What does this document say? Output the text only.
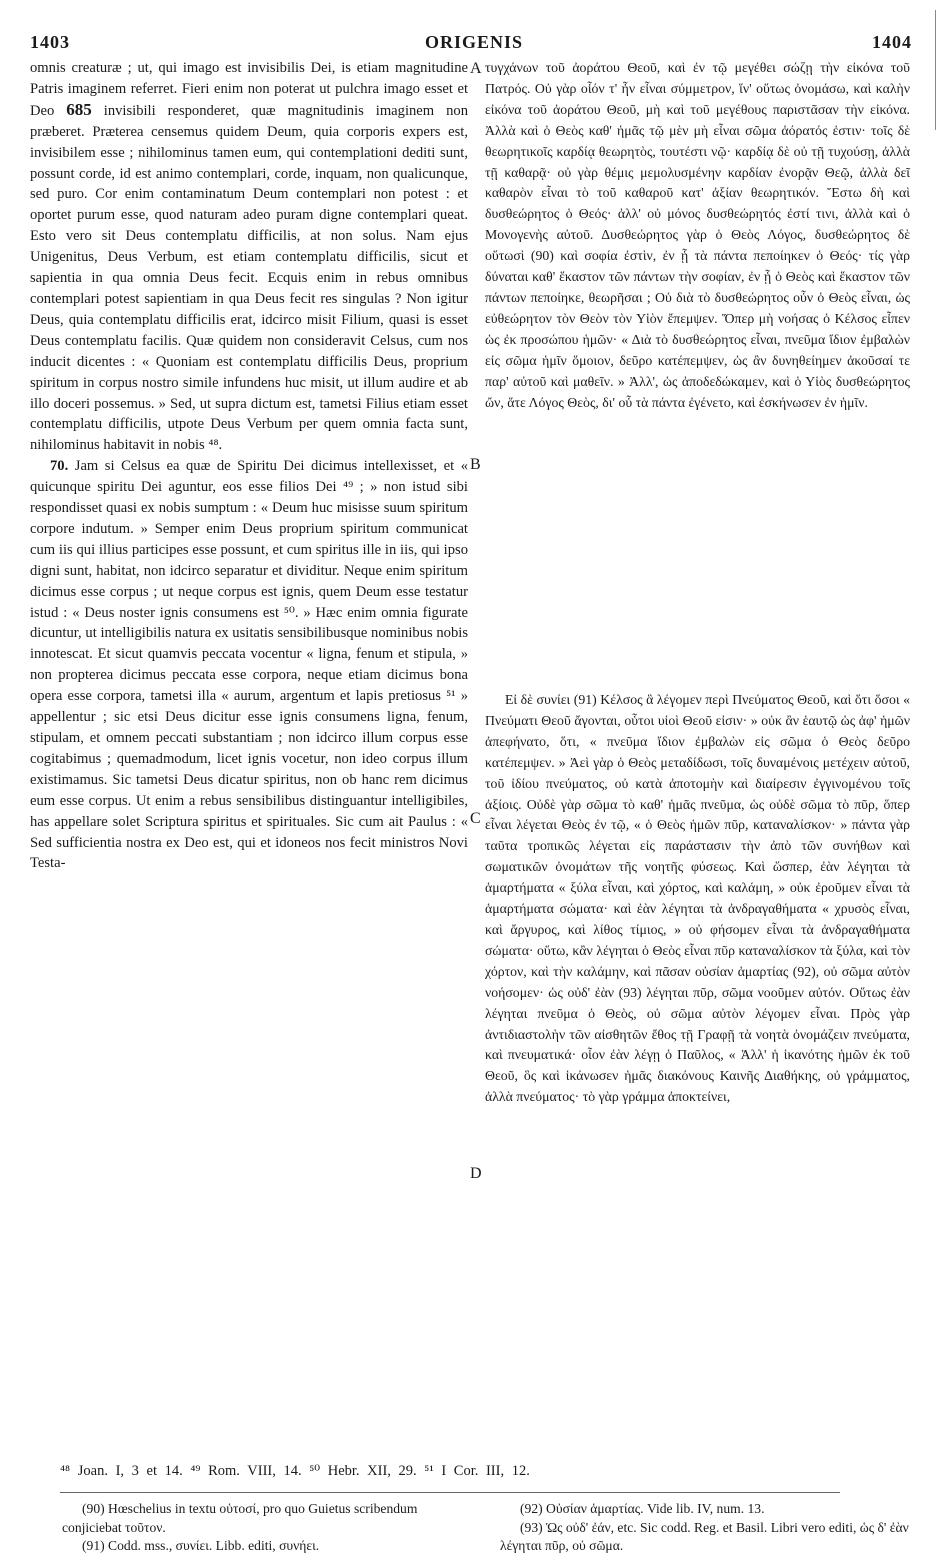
1403	ORIGENIS	1404

omnis creaturæ ; ut, qui imago est invisibilis Dei, is etiam magnitudine Patris imaginem referret. Fieri enim non poterat ut pulchra imago esset et Deo 685 invisibili responderet, quæ magnitudinis imaginem non præberet. Præterea censemus quidem Deum, quia corporis expers est, invisibilem esse ; nihilominus tamen eum, qui contemplationi dediti sunt, possunt corde, id est animo contemplari, corde, inquam, non qualicunque, sed puro. Cor enim contaminatum Deum contemplari non potest : et oportet purum esse, quod naturam adeo puram digne contemplari queat. Esto vero sit Deus contemplatu difficilis, at non solus. Nam ejus Unigenitus, Deus Verbum, est etiam contemplatu difficilis, sicut et sapientia in qua omnia Deus fecit. Ecquis enim in rebus omnibus contemplari potest sapientiam in qua Deus fecit res singulas ? Non igitur Deus, quia contemplatu difficilis erat, idcirco misit Filium, quasi is esset Deus contemplatu facilis. Quæ quidem non consideravit Celsus, cum nos inducit dicentes : « Quoniam est contemplatu difficilis Deus, proprium spiritum in corpus nostro simile infundens huc misit, ut illum audire et ab illo doceri possemus. » Sed, ut supra dictum est, tametsi Filius etiam esset contemplatu difficilis, utpote Deus Verbum per quem omnia facta sunt, nihilominus habitavit in nobis ⁴⁸.

70. Jam si Celsus ea quæ de Spiritu Dei dicimus intellexisset, et « quicunque spiritu Dei aguntur, eos esse filios Dei ⁴⁹ ; » non istud sibi respondisset quasi ex nobis sumptum : « Deum huc misisse suum spiritum corpore indutum. » Semper enim Deus proprium spiritum communicat cum iis qui illius participes esse possunt, et cum spiritus ille in iis, qui ipso digni sunt, habitat, non idcirco separatur et dividitur. Neque enim spiritum dicimus esse corpus ; ut neque corpus est ignis, quem Deum esse testatur istud : « Deus noster ignis consumens est ⁵⁰. » Hæc enim omnia figurate dicuntur, ut intelligibilis natura ex usitatis sensibilibusque nominibus nobis innotescat. Et sicut quamvis peccata vocentur « ligna, fenum et stipula, » non propterea dicimus peccata esse corpora, neque etiam dicimus bona opera esse corpora, tametsi illa « aurum, argentum et lapis pretiosus ⁵¹ » appellentur ; sic etsi Deus dicitur esse ignis consumens ligna, fenum, stipulam, et omnem peccati substantiam ; non idcirco illum corpus esse cogitabimus ; quemadmodum, licet ignis vocetur, non ideo corpus illum existimamus. Sic tametsi Deus dicatur spiritus, non ob hanc rem dicimus eum esse corpus. Ut enim a rebus sensibilibus distinguantur intelligibiles, has appellare solet Scriptura spiritus et spirituales. Sic cum ait Paulus : « Sed sufficientia nostra ex Deo est, qui et idoneos nos fecit ministros Novi Testa-

A
B
C
D

τυγχάνων τοῦ ἀοράτου Θεοῦ, καὶ ἐν τῷ μεγέθει σώζῃ τὴν εἰκόνα τοῦ Πατρός. Οὐ γὰρ οἷόν τ' ἦν εἶναι σύμμετρον, ἵν' οὕτως ὀνομάσω, καὶ καλὴν εἰκόνα τοῦ ἀοράτου Θεοῦ, μὴ καὶ τοῦ μεγέθους παριστᾶσαν τὴν εἰκόνα. Ἀλλὰ καὶ ὁ Θεὸς καθ' ἡμᾶς τῷ μὲν μὴ εἶναι σῶμα ἀόρατός ἐστιν· τοῖς δὲ θεωρητικοῖς καρδίᾳ θεωρητὸς, τουτέστι νῷ· καρδίᾳ δὲ οὐ τῇ τυχούσῃ, ἀλλὰ τῇ καθαρᾷ· οὐ γὰρ θέμις μεμολυσμένην καρδίαν ἐνορᾷν Θεῷ, ἀλλὰ δεῖ καθαρὸν εἶναι τὸ τοῦ καθαροῦ κατ' ἀξίαν θεωρητικόν. Ἔστω δὴ καὶ δυσθεώρητος ὁ Θεός· ἀλλ' οὐ μόνος δυσθεώρητός ἐστί τινι, ἀλλὰ καὶ ὁ Μονογενὴς αὐτοῦ. Δυσθεώρητος γὰρ ὁ Θεὸς Λόγος, δυσθεώρητος δὲ οὕτωσὶ (90) καὶ σοφία ἐστὶν, ἐν ᾗ τὰ πάντα πεποίηκεν ὁ Θεός· τίς γὰρ δύναται καθ' ἕκαστον τῶν πάντων τὴν σοφίαν, ἐν ᾗ ὁ Θεὸς καὶ ἕκαστον τῶν πάντων πεποίηκε, θεωρῆσαι ; Οὐ διὰ τὸ δυσθεώρητος οὖν ὁ Θεὸς εἶναι, ὡς εὐθεώρητον τὸν Θεὸν τὸν Υἱὸν ἔπεμψεν. Ὅπερ μὴ νοήσας ὁ Κέλσος εἶπεν ὡς ἐκ προσώπου ἡμῶν· « Διὰ τὸ δυσθεώρητος εἶναι, πνεῦμα ἴδιον ἐμβαλὼν εἰς σῶμα ἡμῖν ὅμοιον, δεῦρο κατέπεμψεν, ὡς ἂν δυνηθείημεν ἀκοῦσαί τε παρ' αὐτοῦ καὶ μαθεῖν. » Ἀλλ', ὡς ἀποδεδώκαμεν, καὶ ὁ Υἱὸς δυσθεώρητος ὤν, ἅτε Λόγος Θεὸς, δι' οὗ τὰ πάντα ἐγένετο, καὶ ἐσκήνωσεν ἐν ἡμῖν.

Εἰ δὲ συνίει (91) Κέλσος ἃ λέγομεν περὶ Πνεύματος Θεοῦ, καὶ ὅτι ὅσοι « Πνεύματι Θεοῦ ἄγονται, οὗτοι υἱοὶ Θεοῦ εἰσιν· » οὐκ ἂν ἑαυτῷ ὡς ἀφ' ἡμῶν ἀπεφήνατο, ὅτι, « πνεῦμα ἴδιον ἐμβαλὼν εἰς σῶμα ὁ Θεὸς δεῦρο κατέπεμψεν. » Ἀεὶ γὰρ ὁ Θεὸς μεταδίδωσι, τοῖς δυναμένοις μετέχειν αὐτοῦ, τοῦ ἰδίου πνεύματος, οὐ κατὰ ἀποτομὴν καὶ διαίρεσιν ἐγγινομένου τοῖς ἀξίοις. Οὐδὲ γὰρ σῶμα τὸ καθ' ἡμᾶς πνεῦμα, ὡς οὐδὲ σῶμα τὸ πῦρ, ὅπερ εἶναι λέγεται Θεὸς ἐν τῷ, « ὁ Θεὸς ἡμῶν πῦρ, καταναλίσκον· » πάντα γὰρ ταῦτα τροπικῶς λέγεται εἰς παράστασιν τὴν ἀπὸ τῶν συνήθων καὶ σωματικῶν ὀνομάτων τῆς νοητῆς φύσεως. Καὶ ὥσπερ, ἐὰν λέγηται τὰ ἁμαρτήματα « ξύλα εἶναι, καὶ χόρτος, καὶ καλάμη, » οὐκ ἐροῦμεν εἶναι τὰ ἁμαρτήματα σώματα· καὶ ἐὰν λέγηται τὰ ἀνδραγαθήματα « χρυσὸς εἶναι, καὶ ἄργυρος, καὶ λίθος τίμιος, » οὐ φήσομεν εἶναι τὰ ἀνδραγαθήματα σώματα· οὕτω, κἂν λέγηται ὁ Θεὸς εἶναι πῦρ καταναλίσκον τὰ ξύλα, καὶ τὸν χόρτον, καὶ τὴν καλάμην, καὶ πᾶσαν οὐσίαν ἁμαρτίας (92), οὐ σῶμα αὐτὸν νοήσομεν· ὡς οὐδ' ἐὰν (93) λέγηται πῦρ, σῶμα νοοῦμεν αὐτόν. Οὕτως ἐὰν λέγηται πνεῦμα ὁ Θεὸς, οὐ σῶμα αὐτὸν λέγομεν εἶναι. Πρὸς γὰρ ἀντιδιαστολὴν τῶν αἰσθητῶν ἔθος τῇ Γραφῇ τὰ νοητὰ ὀνομάζειν πνεύματα, καὶ πνευματικά· οἷον ἐὰν λέγῃ ὁ Παῦλος, « Ἀλλ' ἡ ἱκανότης ἡμῶν ἐκ τοῦ Θεοῦ, ὃς καὶ ἱκάνωσεν ἡμᾶς διακόνους Καινῆς Διαθήκης, οὐ γράμματος, ἀλλὰ πνεύματος· τὸ γὰρ γράμμα ἀποκτείνει,

⁴⁸ Joan. I, 3 et 14. ⁴⁹ Rom. VIII, 14. ⁵⁰ Hebr. XII, 29. ⁵¹ I Cor. III, 12.

(90) Hœschelius in textu οὑτοσί, pro quo Guietus scribendum conjiciebat τοῦτον.

(91) Codd. mss., συνίει. Libb. editi, συνήει.

(92) Οὐσίαν ἁμαρτίας. Vide lib. IV, num. 13.

(93) Ὡς οὐδ' ἐάν, etc. Sic codd. Reg. et Basil. Libri vero editi, ὡς δ' ἐὰν λέγηται πῦρ, οὐ σῶμα.
